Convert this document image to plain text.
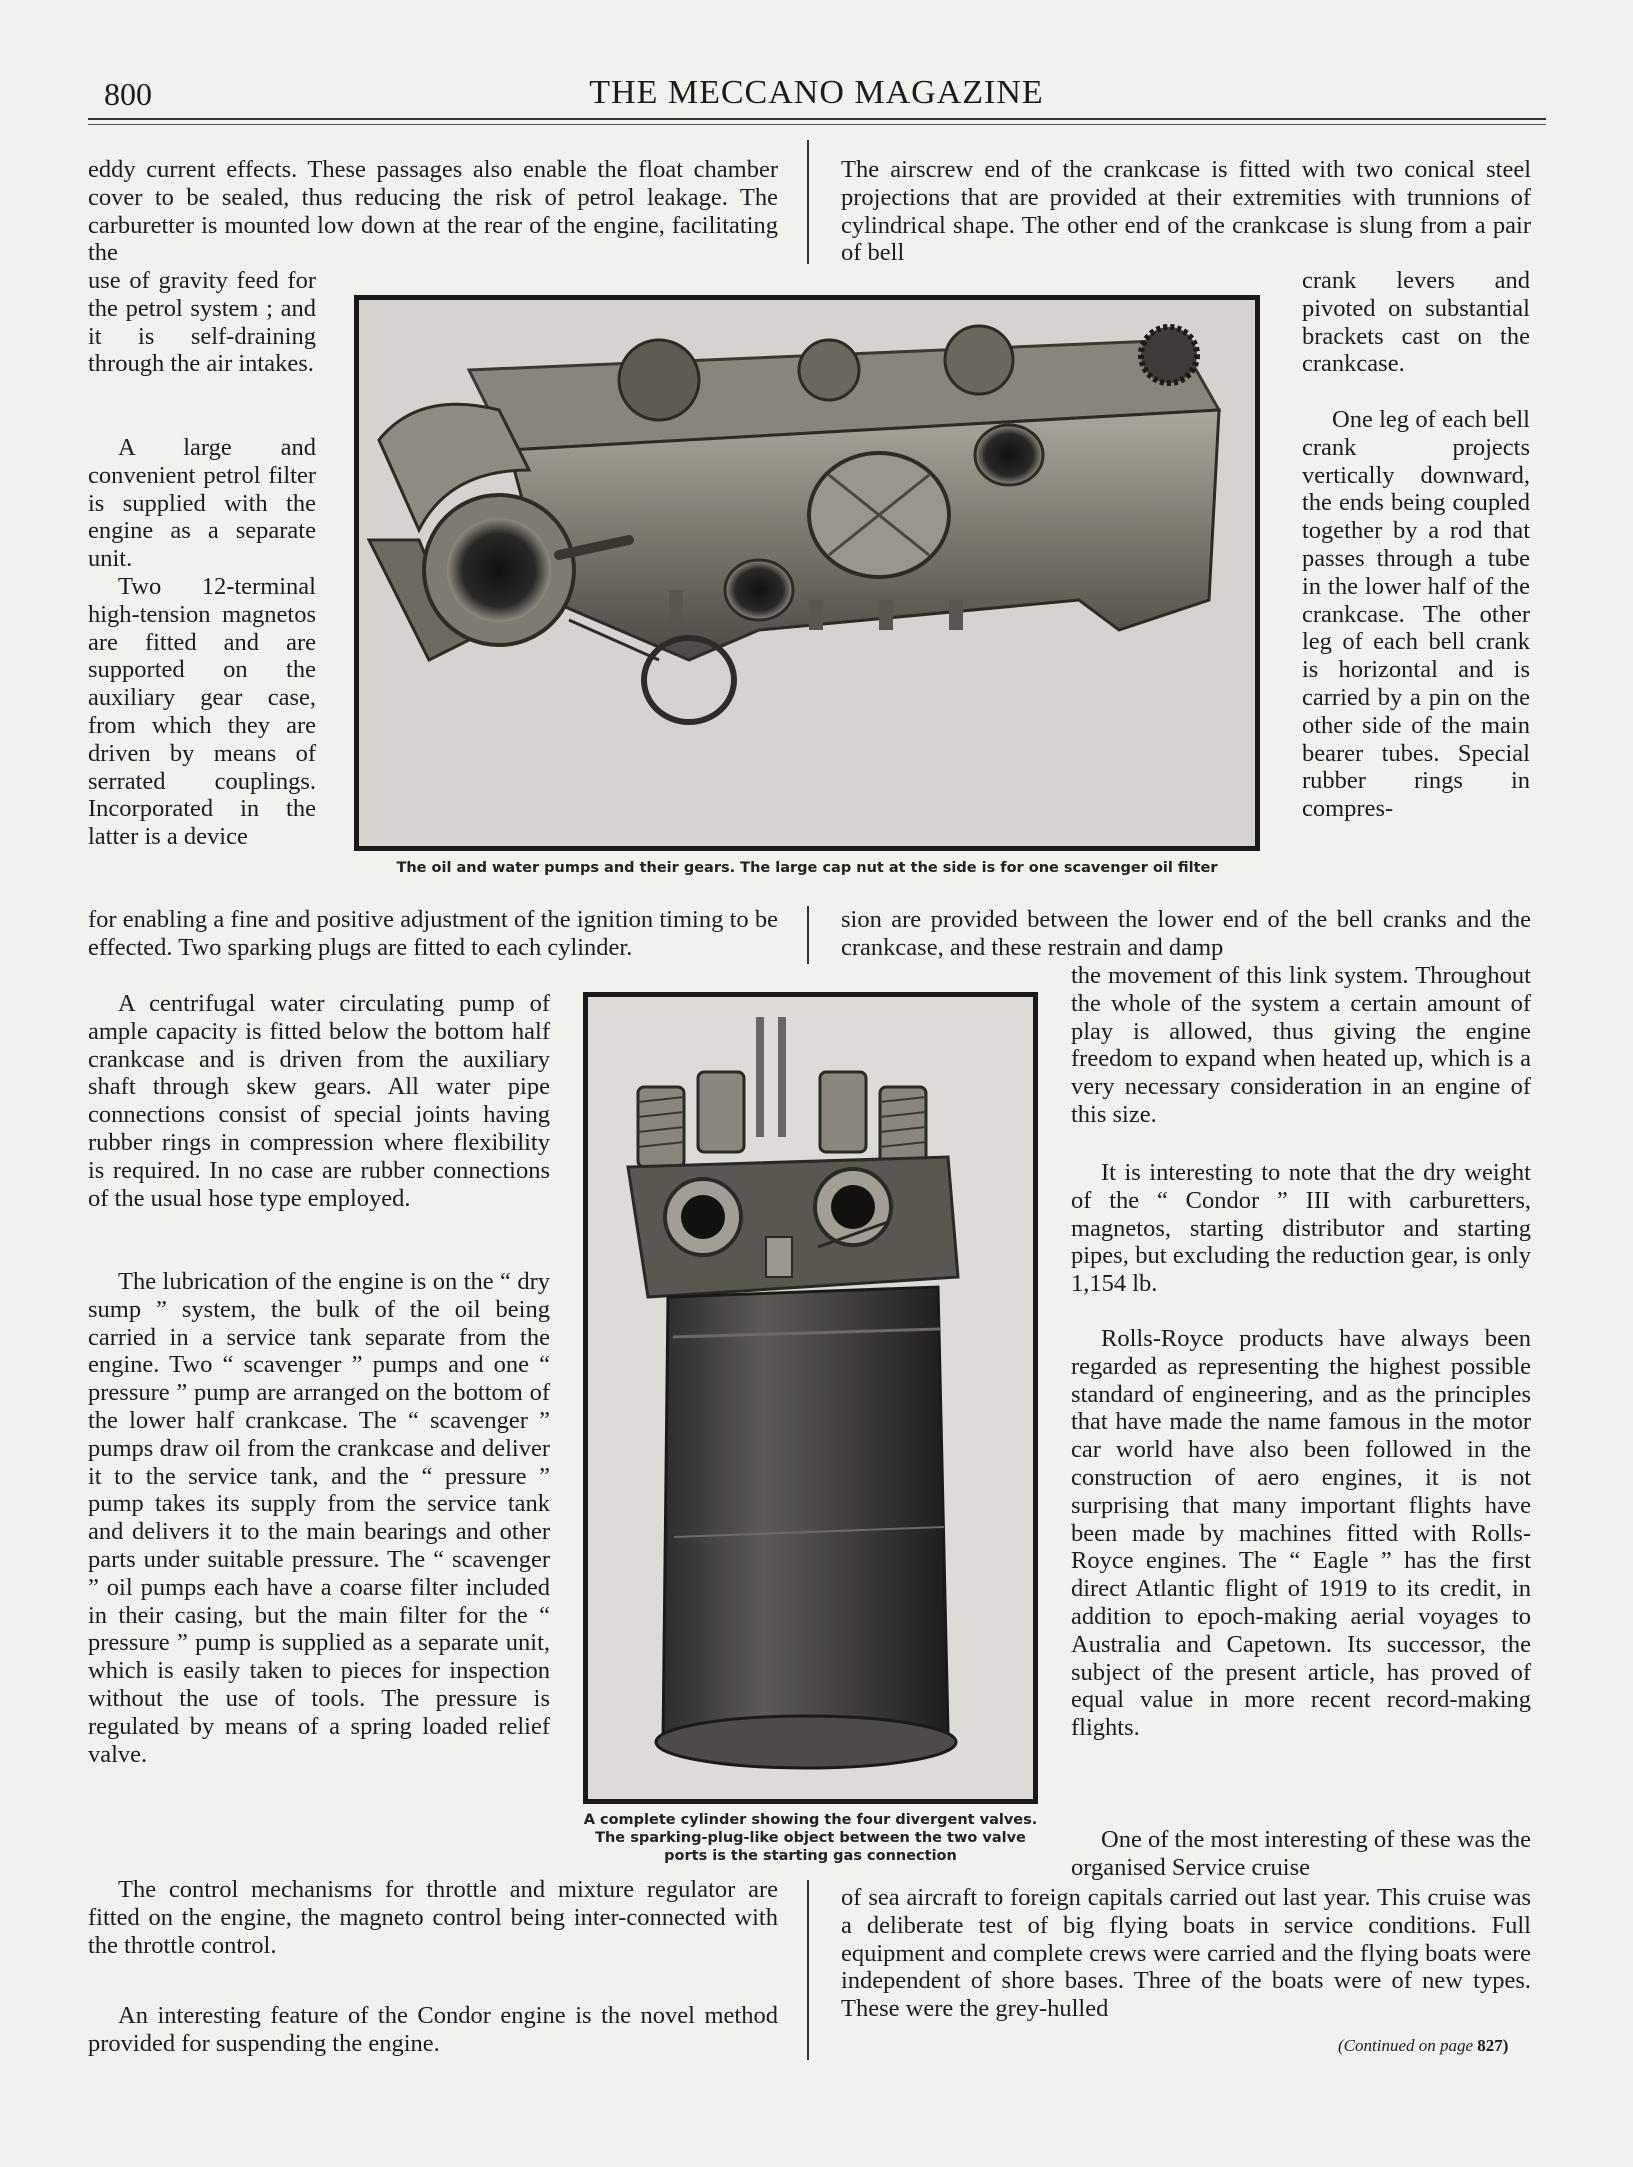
800	THE MECCANO MAGAZINE

eddy current effects. These passages also enable the float chamber cover to be sealed, thus reducing the risk of petrol leakage. The carburetter is mounted low down at the rear of the engine, facilitating the

use of gravity feed for the petrol system ; and it is self-draining through the air intakes.

A large and convenient petrol filter is supplied with the engine as a separate unit.

Two 12-terminal high-tension magnetos are fitted and are supported on the auxiliary gear case, from which they are driven by means of serrated couplings. Incorporated in the latter is a device

for enabling a fine and positive adjustment of the ignition timing to be effected. Two sparking plugs are fitted to each cylinder.

A centrifugal water circulating pump of ample capacity is fitted below the bottom half crankcase and is driven from the auxiliary shaft through skew gears. All water pipe connections consist of special joints having rubber rings in compression where flexibility is required. In no case are rubber connections of the usual hose type employed.

The lubrication of the engine is on the “ dry sump ” system, the bulk of the oil being carried in a service tank separate from the engine. Two “ scavenger ” pumps and one “ pressure ” pump are arranged on the bottom of the lower half crankcase. The “ scavenger ” pumps draw oil from the crankcase and deliver it to the service tank, and the “ pressure ” pump takes its supply from the service tank and delivers it to the main bearings and other parts under suitable pressure. The “ scavenger ” oil pumps each have a coarse filter included in their casing, but the main filter for the “ pressure ” pump is supplied as a separate unit, which is easily taken to pieces for inspection without the use of tools. The pressure is regulated by means of a spring loaded relief valve.

The control mechanisms for throttle and mixture regulator are fitted on the engine, the magneto control being inter-connected with the throttle control.

An interesting feature of the Condor engine is the novel method provided for suspending the engine.

The airscrew end of the crankcase is fitted with two conical steel projections that are provided at their extremities with trunnions of cylindrical shape. The other end of the crankcase is slung from a pair of bell

crank levers and pivoted on substantial brackets cast on the crankcase.

One leg of each bell crank projects vertically downward, the ends being coupled together by a rod that passes through a tube in the lower half of the crankcase. The other leg of each bell crank is horizontal and is carried by a pin on the other side of the main bearer tubes. Special rubber rings in compres-

sion are provided between the lower end of the bell cranks and the crankcase, and these restrain and damp

the movement of this link system. Throughout the whole of the system a certain amount of play is allowed, thus giving the engine freedom to expand when heated up, which is a very necessary consideration in an engine of this size.

It is interesting to note that the dry weight of the “ Condor ” III with carburetters, magnetos, starting distributor and starting pipes, but excluding the reduction gear, is only 1,154 lb.

Rolls-Royce products have always been regarded as representing the highest possible standard of engineering, and as the principles that have made the name famous in the motor car world have also been followed in the construction of aero engines, it is not surprising that many important flights have been made by machines fitted with Rolls-Royce engines. The “ Eagle ” has the first direct Atlantic flight of 1919 to its credit, in addition to epoch-making aerial voyages to Australia and Capetown. Its successor, the subject of the present article, has proved of equal value in more recent record-making flights.

One of the most interesting of these was the organised Service cruise

of sea aircraft to foreign capitals carried out last year. This cruise was a deliberate test of big flying boats in service conditions. Full equipment and complete crews were carried and the flying boats were independent of shore bases. Three of the boats were of new types. These were the grey-hulled

(Continued on page 827)

The oil and water pumps and their gears. The large cap nut at the side is for one scavenger oil filter

A complete cylinder showing the four divergent valves. The sparking-plug-like object between the two valve ports is the starting gas connection
